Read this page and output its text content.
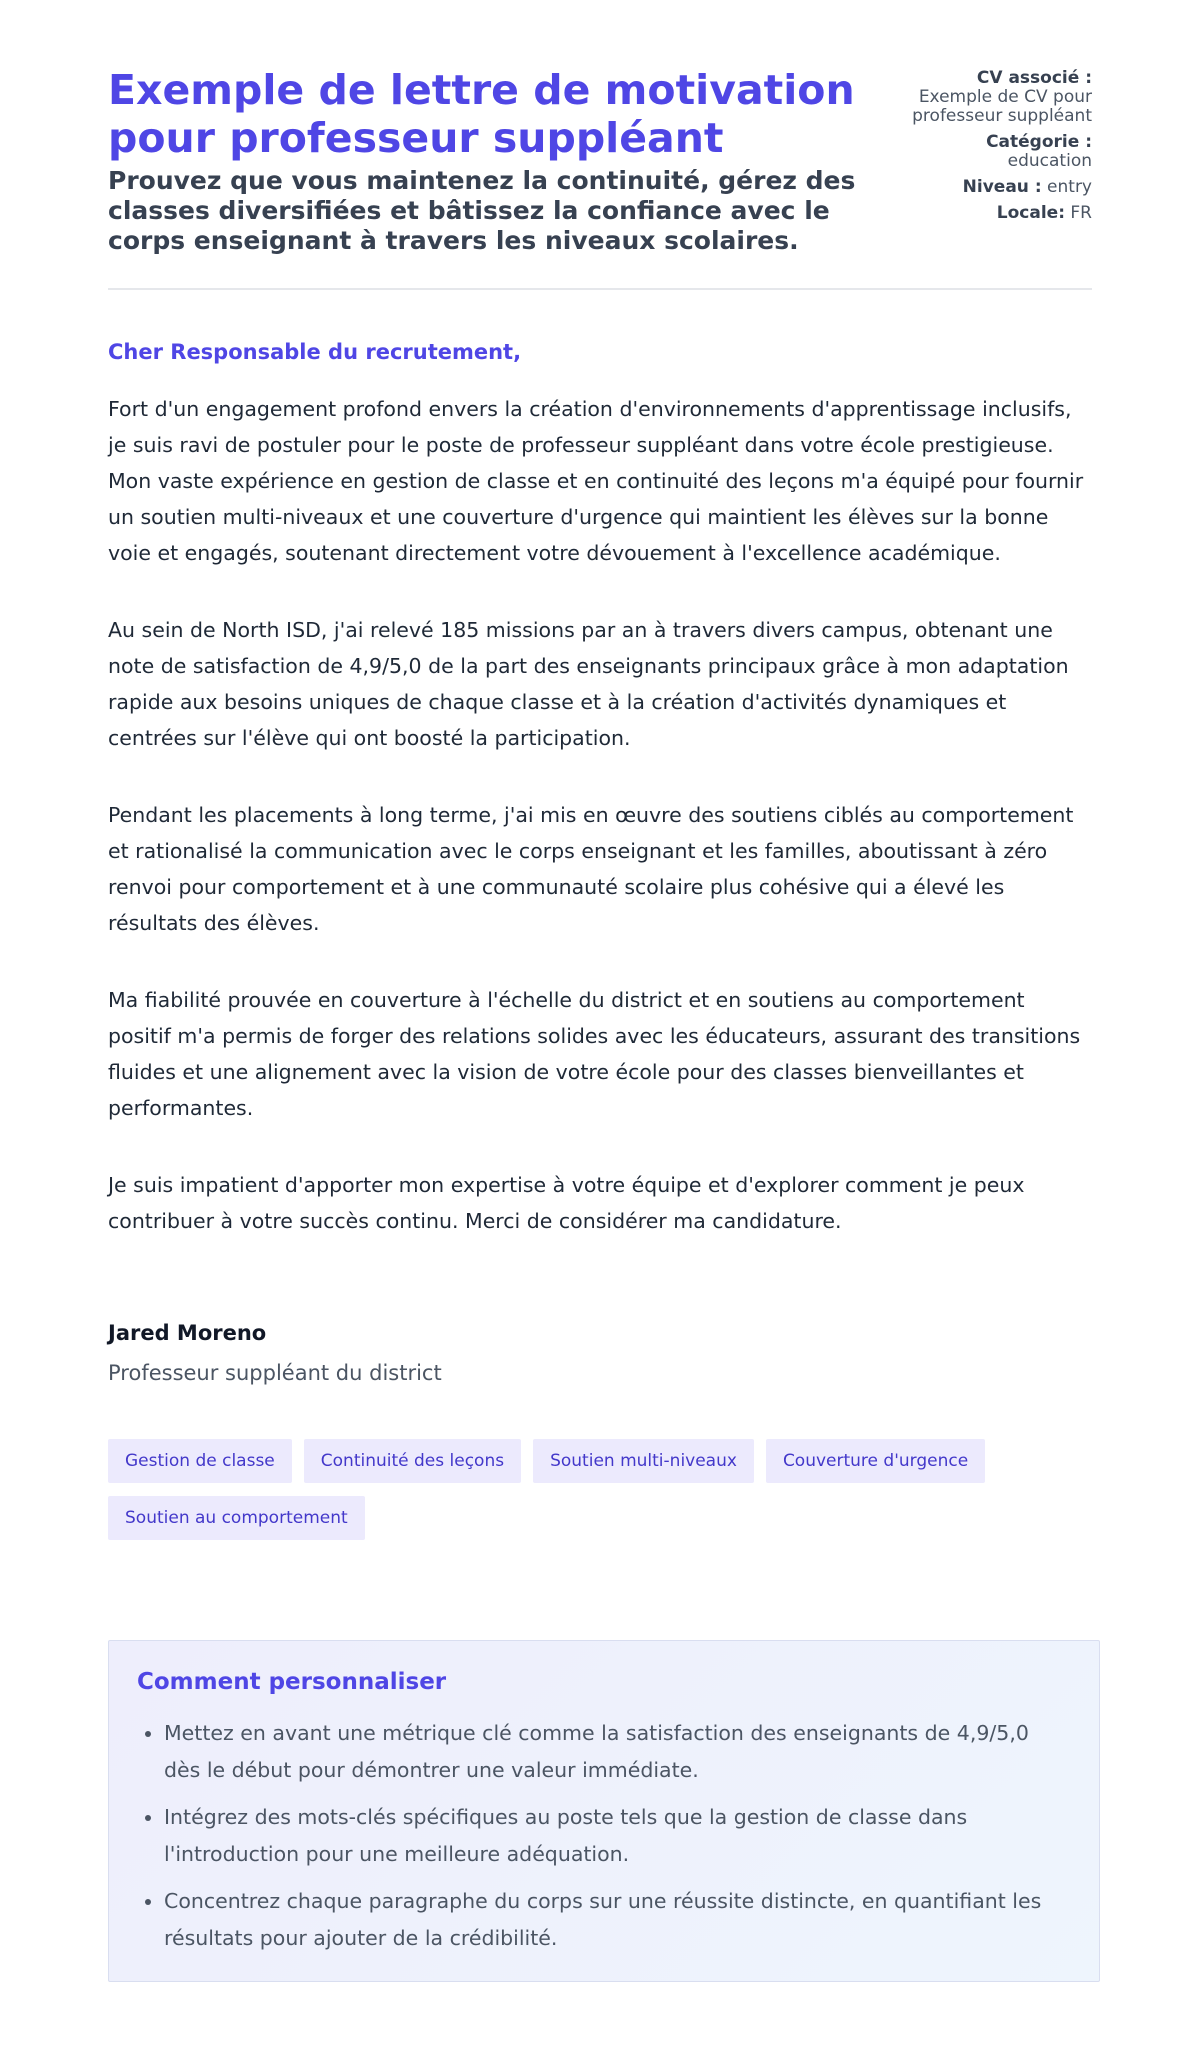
Exemple de lettre de motivation pour professeur suppléant
Prouvez que vous maintenez la continuité, gérez des classes diversifiées et bâtissez la confiance avec le corps enseignant à travers les niveaux scolaires.
CV associé :
Exemple de CV pour professeur suppléant
Catégorie :
education
Niveau : entry
Locale: FR
Cher Responsable du recrutement,

Fort d'un engagement profond envers la création d'environnements d'apprentissage inclusifs, je suis ravi de postuler pour le poste de professeur suppléant dans votre école prestigieuse. Mon vaste expérience en gestion de classe et en continuité des leçons m'a équipé pour fournir un soutien multi-niveaux et une couverture d'urgence qui maintient les élèves sur la bonne voie et engagés, soutenant directement votre dévouement à l'excellence académique.

Au sein de North ISD, j'ai relevé 185 missions par an à travers divers campus, obtenant une note de satisfaction de 4,9/5,0 de la part des enseignants principaux grâce à mon adaptation rapide aux besoins uniques de chaque classe et à la création d'activités dynamiques et centrées sur l'élève qui ont boosté la participation.

Pendant les placements à long terme, j'ai mis en œuvre des soutiens ciblés au comportement et rationalisé la communication avec le corps enseignant et les familles, aboutissant à zéro renvoi pour comportement et à une communauté scolaire plus cohésive qui a élevé les résultats des élèves.

Ma fiabilité prouvée en couverture à l'échelle du district et en soutiens au comportement positif m'a permis de forger des relations solides avec les éducateurs, assurant des transitions fluides et une alignement avec la vision de votre école pour des classes bienveillantes et performantes.

Je suis impatient d'apporter mon expertise à votre équipe et d'explorer comment je peux contribuer à votre succès continu. Merci de considérer ma candidature.

Jared Moreno
Professeur suppléant du district
Gestion de classe	Continuité des leçons	Soutien multi-niveaux	Couverture d'urgence
Soutien au comportement
Comment personnaliser
• Mettez en avant une métrique clé comme la satisfaction des enseignants de 4,9/5,0 dès le début pour démontrer une valeur immédiate.
• Intégrez des mots-clés spécifiques au poste tels que la gestion de classe dans l'introduction pour une meilleure adéquation.
• Concentrez chaque paragraphe du corps sur une réussite distincte, en quantifiant les résultats pour ajouter de la crédibilité.
